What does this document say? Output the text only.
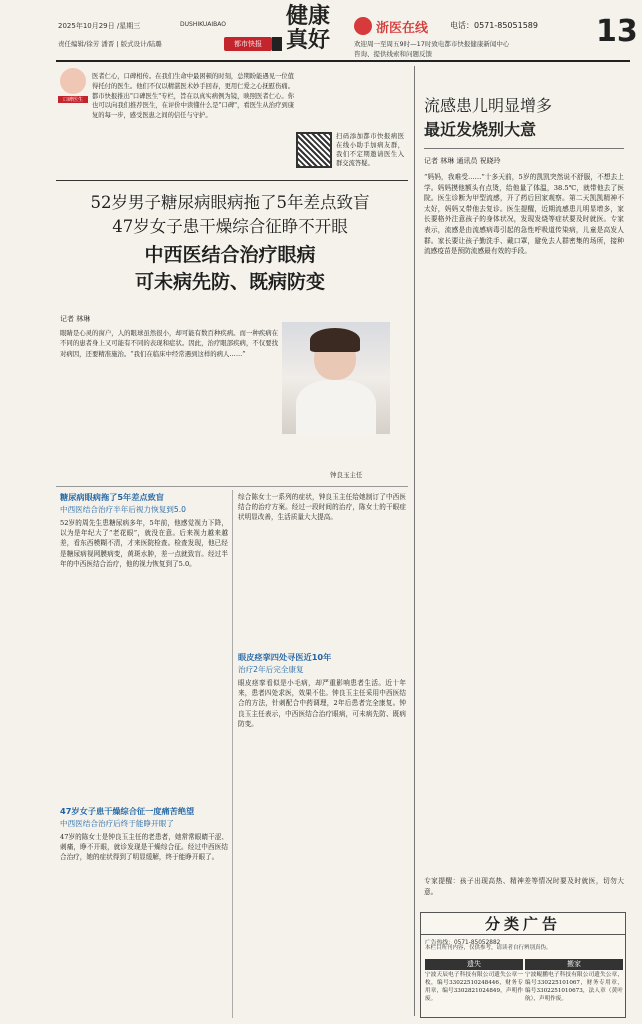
2025年10月29日 /星期三	DUSHIKUAIBAO
责任编辑/徐芳 潘晋 | 版式设计/陆璐	都市快报
健康
真好	浙医在线	电话：0571-85051589
欢迎周一至周五9时—17时致电都市快报健康新闻中心
咨询、提供线索和问题反馈
13
口碑医生
医者仁心，口碑相传。在我们生命中最困顿的时刻，总期盼能遇见一位值得托付的医生。他们不仅以精湛医术妙手回春，更用仁爱之心抚慰伤痛。都市快报推出"口碑医生"专栏，旨在以真实病例为镜，映照医者仁心。你也可以向我们推荐医生，在评价中读懂什么是"口碑"，看医生从治疗到康复的每一步，感受医患之间的信任与守护。
扫码添加都市快报病医在线小助手加病友群，我们不定期邀请医生入群交流答疑。
52岁男子糖尿病眼病拖了5年差点致盲
47岁女子患干燥综合征睁不开眼
中西医结合治疗眼病
可未病先防、既病防变
记者 林琳
眼睛是心灵的窗户，人的眼球虽然很小，却可能有数百种疾病。而一种疾病在不同的患者身上又可能有不同的表现和症状。因此，治疗眼部疾病，不仅要找对病因，还要精准施治。“我们在临床中经常遇到这样的病人……”
钟良玉主任
糖尿病眼病拖了5年差点致盲
中西医结合治疗半年后视力恢复到5.0
52岁的周先生患糖尿病多年，5年前，他感觉视力下降，以为是年纪大了“老花眼”，就没在意。后来视力越来越差，看东西模糊不清，才来医院检查。检查发现，他已经是糖尿病视网膜病变，黄斑水肿，差一点就致盲。经过半年的中西医结合治疗，他的视力恢复到了5.0。
47岁女子患干燥综合征一度痛苦绝望
中西医结合治疗后终于能睁开眼了
47岁的陈女士是钟良玉主任的老患者，她常常眼睛干涩、刺痛，睁不开眼，就诊发现是干燥综合征。经过中西医结合治疗，她的症状得到了明显缓解，终于能睁开眼了。
综合陈女士一系列的症状，钟良玉主任给她制订了中西医结合的治疗方案。经过一段时间的治疗，陈女士的干眼症状明显改善，生活质量大大提高。
眼皮痉挛四处寻医近10年
治疗2年后完全康复
眼皮痉挛看似是小毛病，却严重影响患者生活。近十年来，患者四处求医，效果不佳。钟良玉主任采用中西医结合的方法，针刺配合中药调理，2年后患者完全康复。钟良玉主任表示，中西医结合治疗眼病，可未病先防、既病防变。
流感患儿明显增多
最近发烧别大意
记者 林琳 通讯员 祝晓玲
“妈妈，我难受……”十多天前，5岁的凯凯突然说不舒服，不想去上学。妈妈摸他额头有点烫，给他量了体温，38.5℃，就带他去了医院。医生诊断为甲型流感，开了药后回家观察。第二天凯凯精神不太好，妈妈又带他去复诊。医生提醒，近期流感患儿明显增多，家长要格外注意孩子的身体状况，发现发烧等症状要及时就医。专家表示，流感是由流感病毒引起的急性呼吸道传染病，儿童是高发人群。家长要让孩子勤洗手、戴口罩，避免去人群密集的场所，接种流感疫苗是预防流感最有效的手段。
专家提醒：孩子出现高热、精神差等情况时要及时就医，切勿大意。
分类广告
广告热线：0571-85052882
本栏目所刊内容，仅供参考，请读者自行辨别真伪。
遗失
宁波天辰电子科技有限公司遗失公章一枚，编号33022510248446，财务专用章，编号3302821024849，声明作废。
搬家
宁波鲲鹏电子科技有限公司遗失公章，编号330225101067，财务专用章，编号3302251010673，法人章（黄叶航），声明作废。
